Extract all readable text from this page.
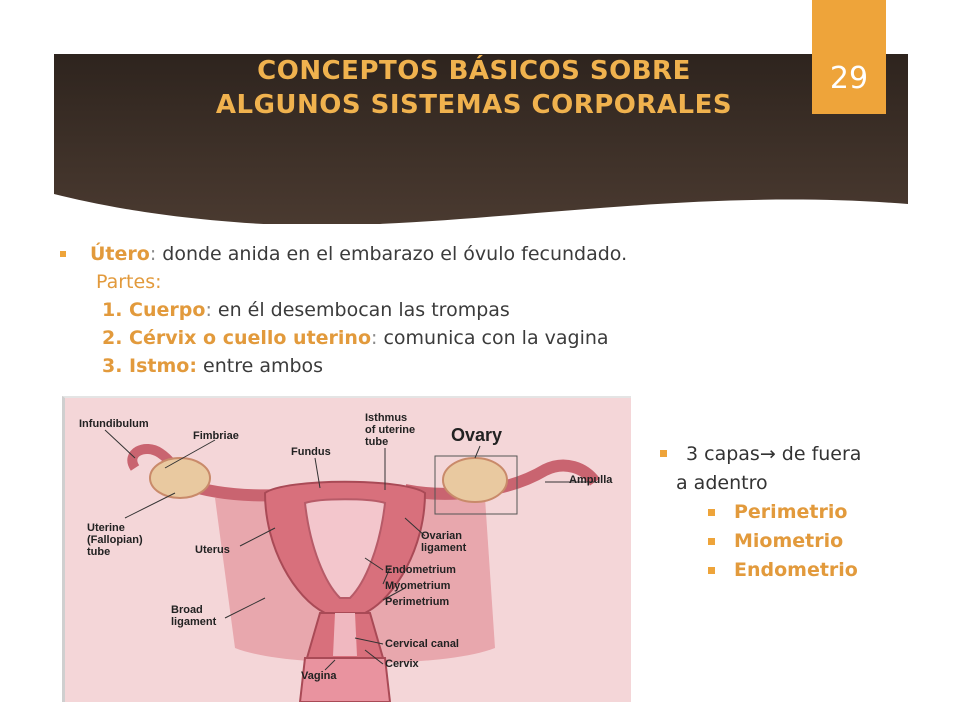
CONCEPTOS BÁSICOS SOBRE
ALGUNOS SISTEMAS CORPORALES
29
Útero: donde anida en el embarazo el óvulo fecundado.
Partes:
1. Cuerpo: en él desembocan las trompas
2. Cérvix o cuello uterino: comunica con la vagina
3. Istmo: entre ambos
Infundibulum
Fimbriae
Fundus
Isthmus
of uterine
tube	Ovary
Ampulla
Uterine
(Fallopian)
tube	Uterus
Ovarian
ligament
Endometrium
Myometrium
Perimetrium
Broad
ligament
Cervical canal
Vagina
Cervix
3 capas→ de fuera
a adentro
Perimetrio
Miometrio
Endometrio
